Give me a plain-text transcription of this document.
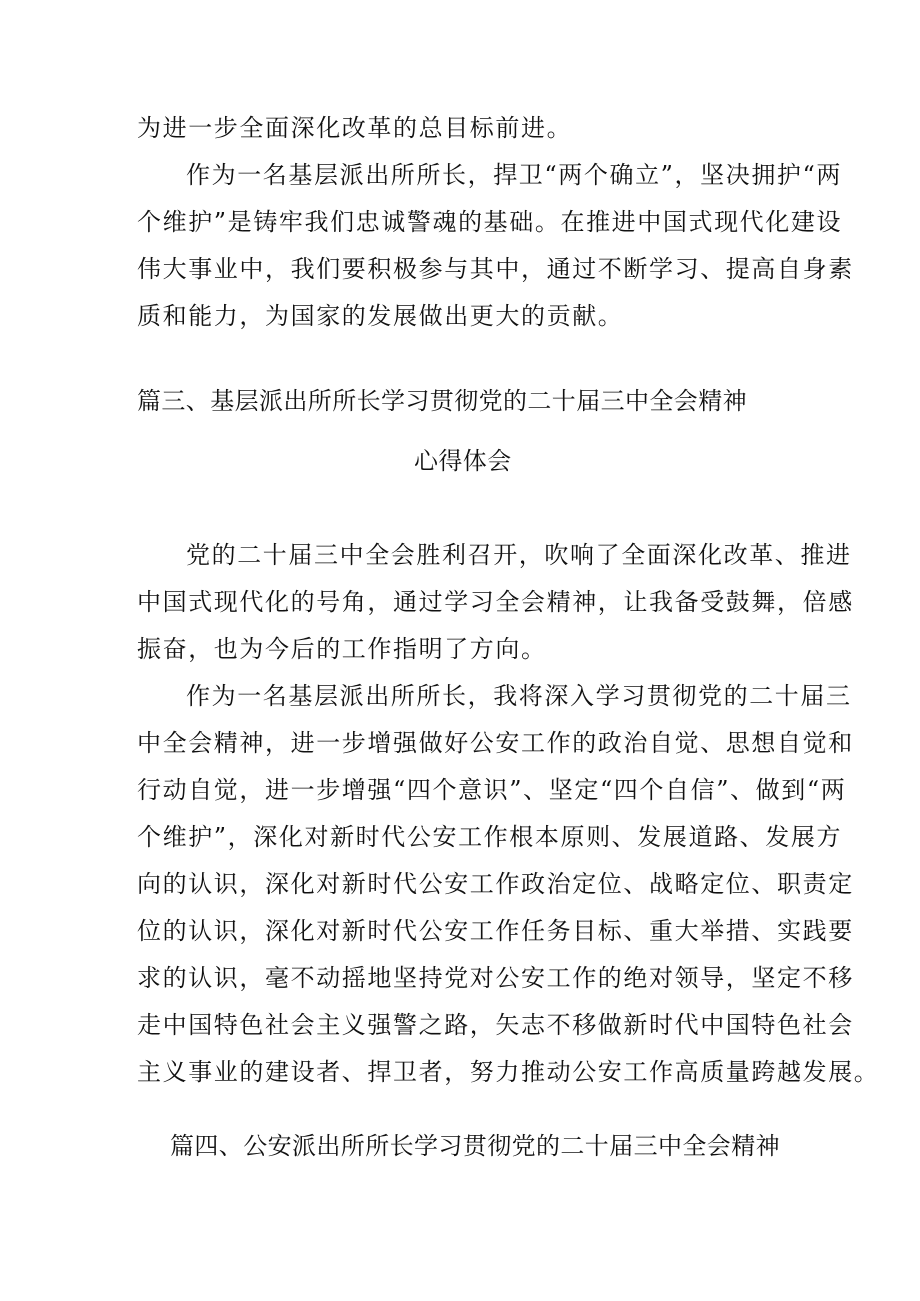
为进一步全面深化改革的总目标前进。
作为一名基层派出所所长，捍卫“两个确立”，坚决拥护“两
个维护”是铸牢我们忠诚警魂的基础。在推进中国式现代化建设
伟大事业中，我们要积极参与其中，通过不断学习、提高自身素
质和能力，为国家的发展做出更大的贡献。
篇三、基层派出所所长学习贯彻党的二十届三中全会精神
心得体会
党的二十届三中全会胜利召开，吹响了全面深化改革、推进
中国式现代化的号角，通过学习全会精神，让我备受鼓舞，倍感
振奋，也为今后的工作指明了方向。
作为一名基层派出所所长，我将深入学习贯彻党的二十届三
中全会精神，进一步增强做好公安工作的政治自觉、思想自觉和
行动自觉，进一步增强“四个意识”、坚定“四个自信”、做到“两
个维护”，深化对新时代公安工作根本原则、发展道路、发展方
向的认识，深化对新时代公安工作政治定位、战略定位、职责定
位的认识，深化对新时代公安工作任务目标、重大举措、实践要
求的认识，毫不动摇地坚持党对公安工作的绝对领导，坚定不移
走中国特色社会主义强警之路，矢志不移做新时代中国特色社会
主义事业的建设者、捍卫者，努力推动公安工作高质量跨越发展。
篇四、公安派出所所长学习贯彻党的二十届三中全会精神
